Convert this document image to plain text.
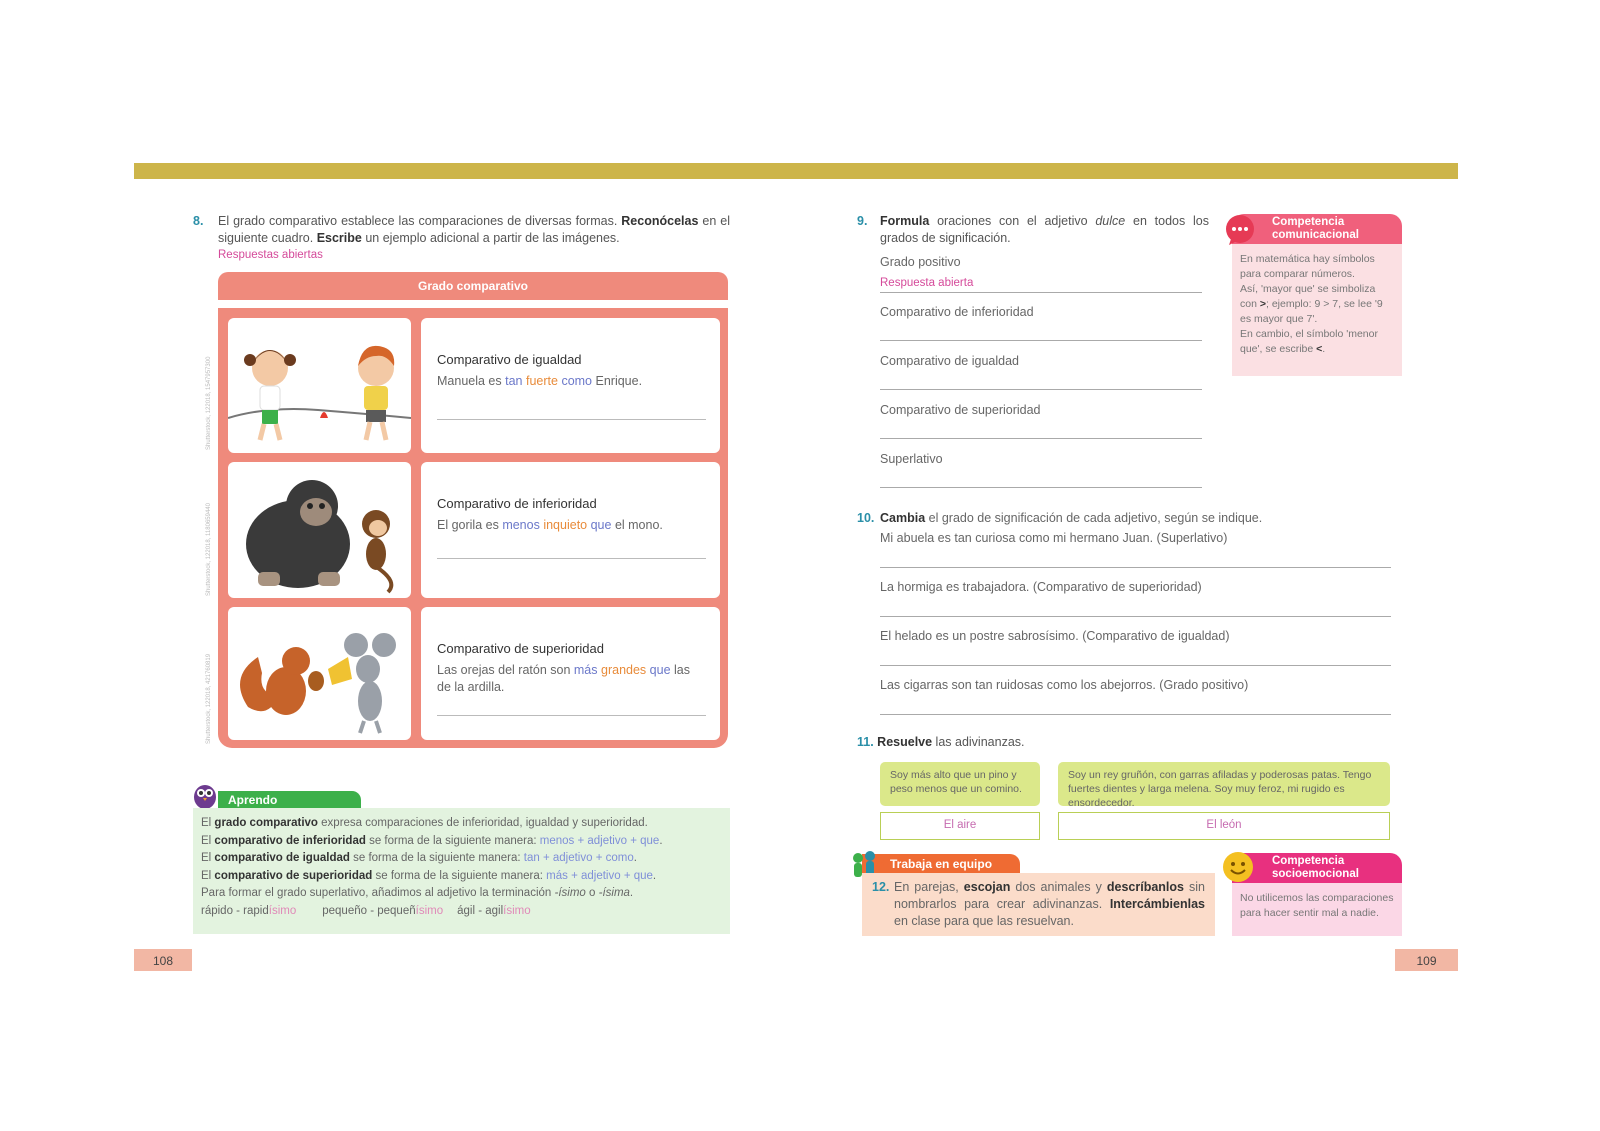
8. El grado comparativo establece las comparaciones de diversas formas. Reconócelas en el siguiente cuadro. Escribe un ejemplo adicional a partir de las imágenes.
Respuestas abiertas
Grado comparativo
Shutterstock, 122018, 1547957300	Comparativo de igualdad
Manuela es tan fuerte como Enrique.
Shutterstock, 122018, 1180659440	Comparativo de inferioridad
El gorila es menos inquieto que el mono.
Shutterstock, 122018, 421760819
Comparativo de superioridad
Las orejas del ratón son más grandes que las de la ardilla.
Aprendo
El grado comparativo expresa comparaciones de inferioridad, igualdad y superioridad.
El comparativo de inferioridad se forma de la siguiente manera: menos + adjetivo + que.
El comparativo de igualdad se forma de la siguiente manera: tan + adjetivo + como.
El comparativo de superioridad se forma de la siguiente manera: más + adjetivo + que.
Para formar el grado superlativo, añadimos al adjetivo la terminación -ísimo o -ísima.
rápido - rapidísimo pequeño - pequeñísimo ágil - agilísimo
108
9. Formula oraciones con el adjetivo dulce en todos los grados de significación.
Grado positivo
Respuesta abierta
Comparativo de inferioridad
Comparativo de igualdad
Comparativo de superioridad
Superlativo
Competencia
comunicacional
En matemática hay símbolos para comparar números.
Así, 'mayor que' se simboliza con >; ejemplo: 9 > 7, se lee '9 es mayor que 7'.
En cambio, el símbolo 'menor que', se escribe <.
10. Cambia el grado de significación de cada adjetivo, según se indique.
Mi abuela es tan curiosa como mi hermano Juan. (Superlativo)
La hormiga es trabajadora. (Comparativo de superioridad)
El helado es un postre sabrosísimo. (Comparativo de igualdad)
Las cigarras son tan ruidosas como los abejorros. (Grado positivo)
11. Resuelve las adivinanzas.
Soy más alto que un pino y peso menos que un comino.
Soy un rey gruñón, con garras afiladas y poderosas patas. Tengo fuertes dientes y larga melena. Soy muy feroz, mi rugido es ensordecedor.
El aire	El león
Trabaja en equipo
12. En parejas, escojan dos animales y descríbanlos sin nombrarlos para crear adivinanzas. Intercámbienlas en clase para que las resuelvan.
Competencia
socioemocional
No utilicemos las comparaciones para hacer sentir mal a nadie.
109
